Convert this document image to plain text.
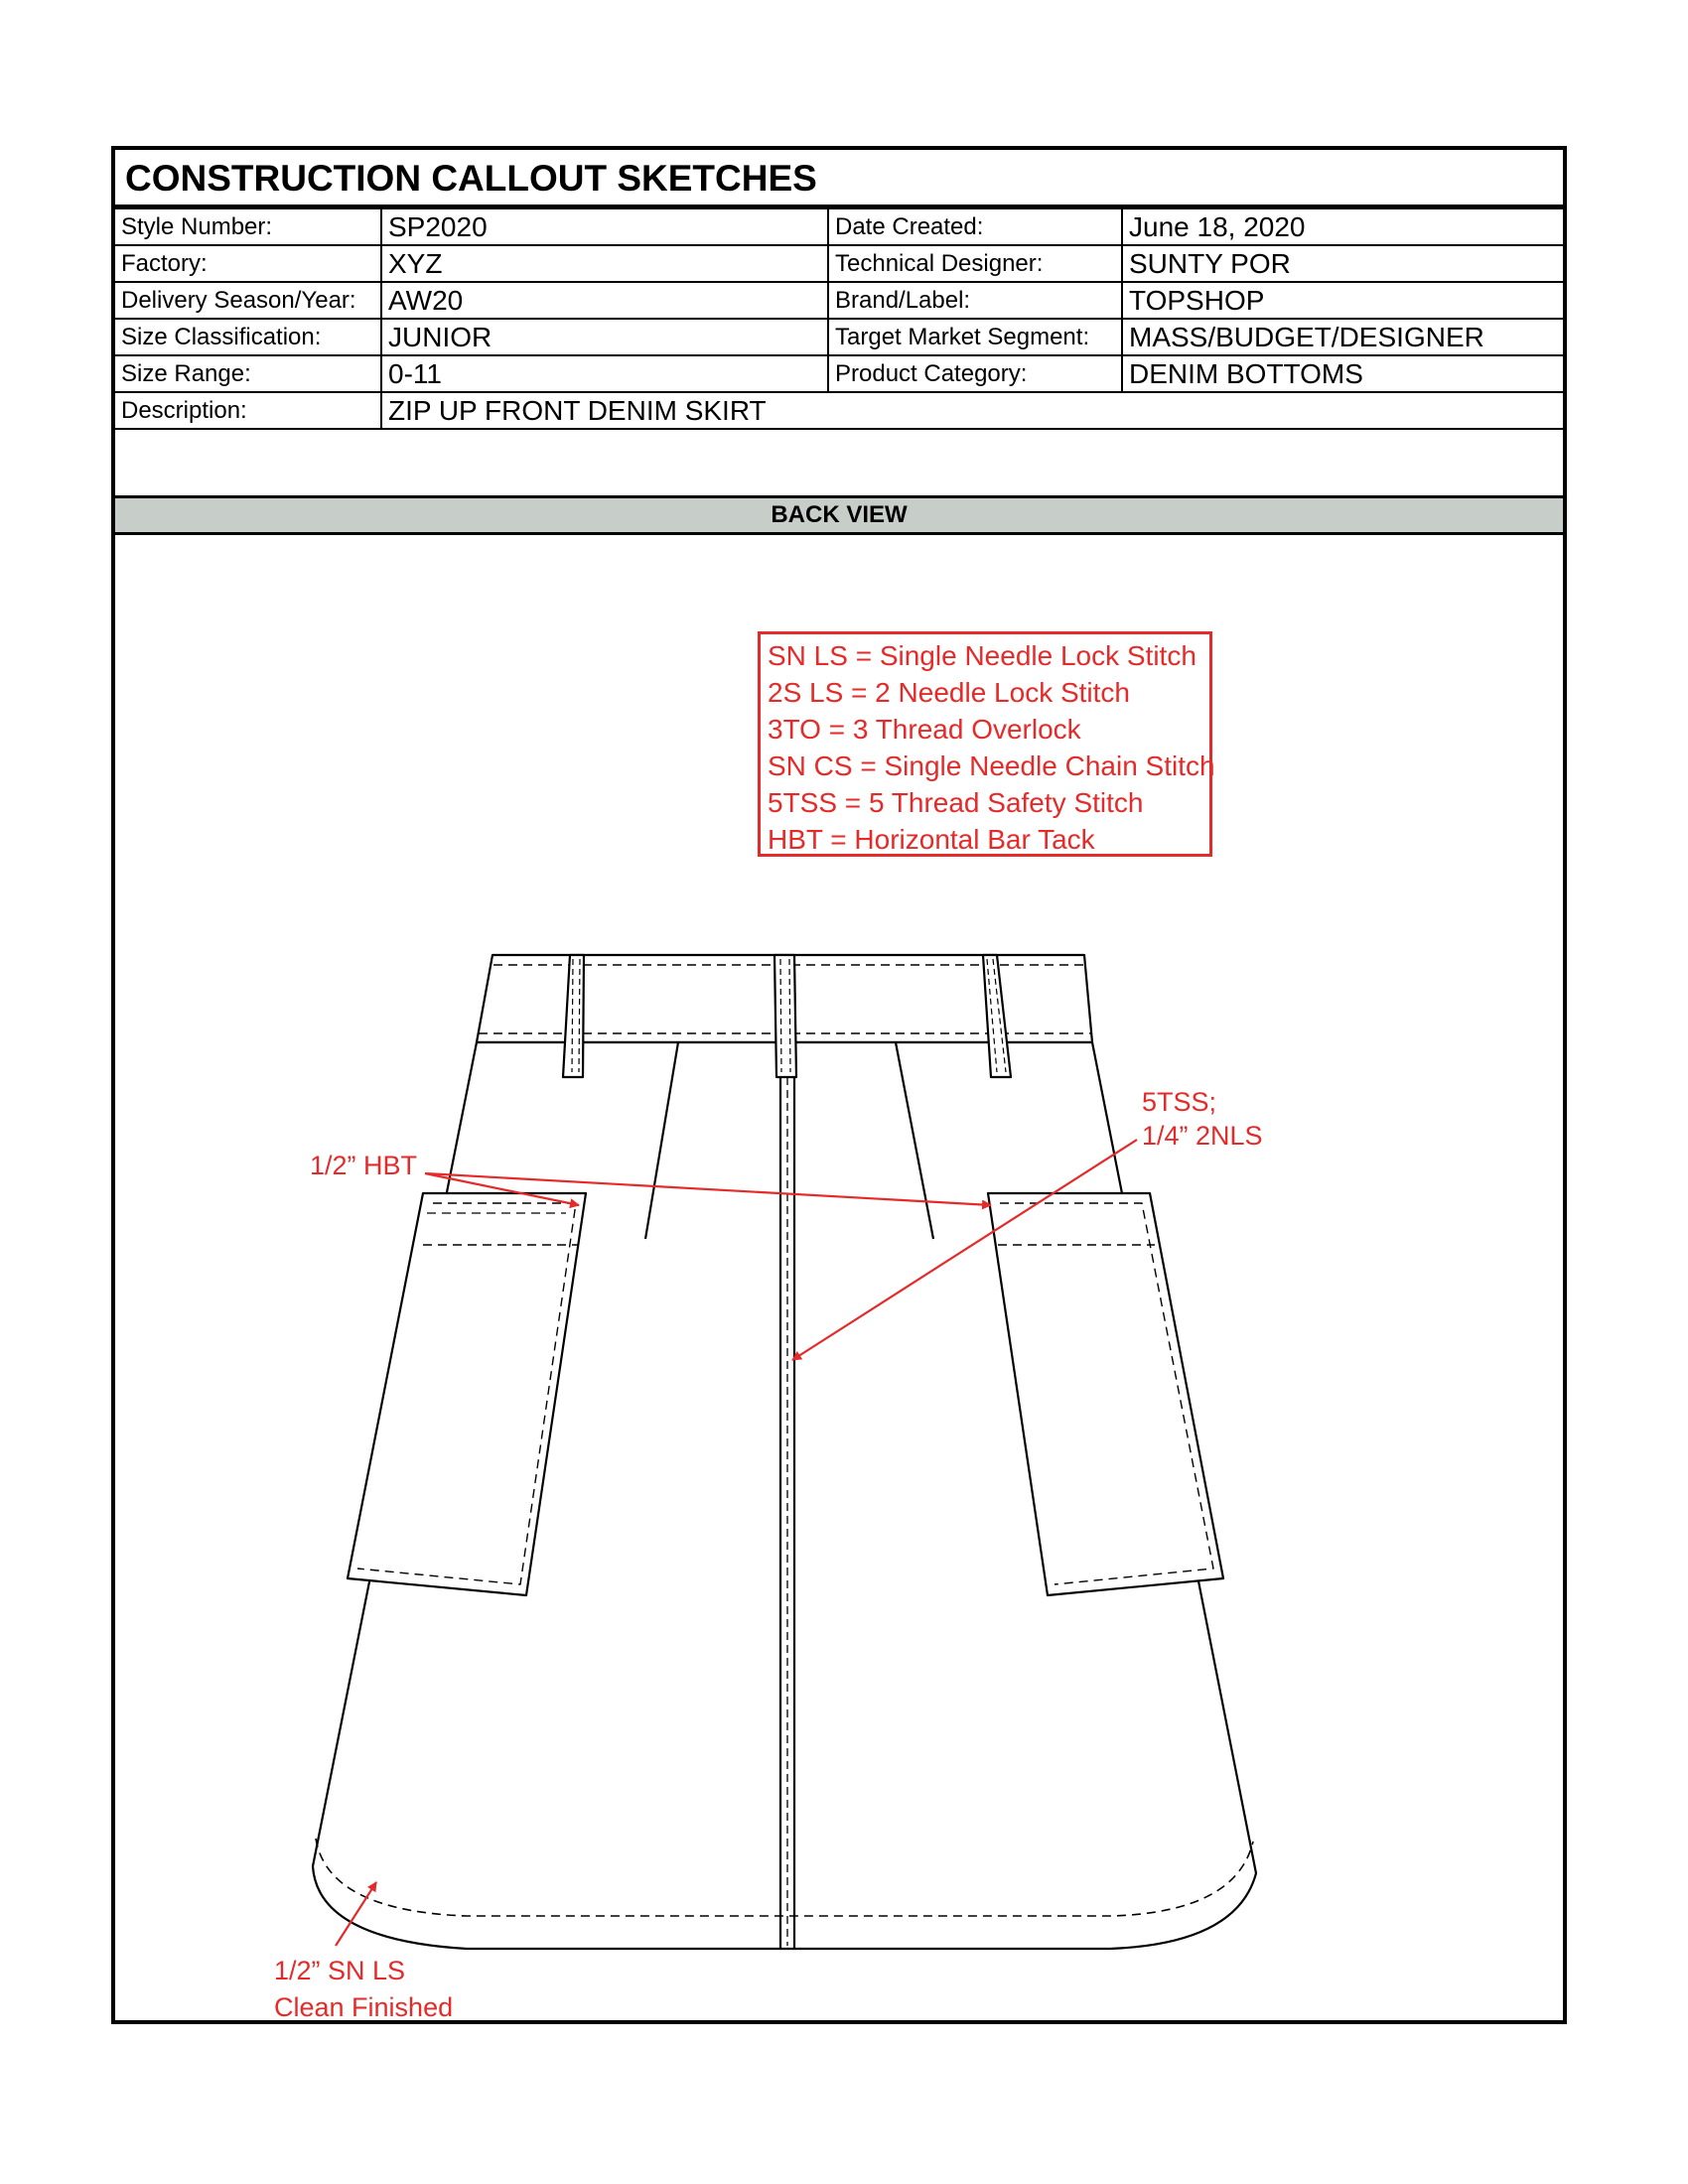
CONSTRUCTION CALLOUT SKETCHES
Style Number:	SP2020	Date Created:	June 18, 2020
Factory:	XYZ	Technical Designer:	SUNTY POR
Delivery Season/Year:	AW20	Brand/Label:	TOPSHOP
Size Classification:	JUNIOR	Target Market Segment:	MASS/BUDGET/DESIGNER
Size Range:	0-11	Product Category:	DENIM BOTTOMS
Description:	ZIP UP FRONT DENIM SKIRT		
BACK VIEW
SN LS = Single Needle Lock Stitch
2S LS = 2 Needle Lock Stitch
3TO = 3 Thread Overlock
SN CS = Single Needle Chain Stitch
5TSS = 5 Thread Safety Stitch
HBT = Horizontal Bar Tack
1/2” HBT
5TSS;
1/4” 2NLS
1/2” SN LS
Clean Finished
